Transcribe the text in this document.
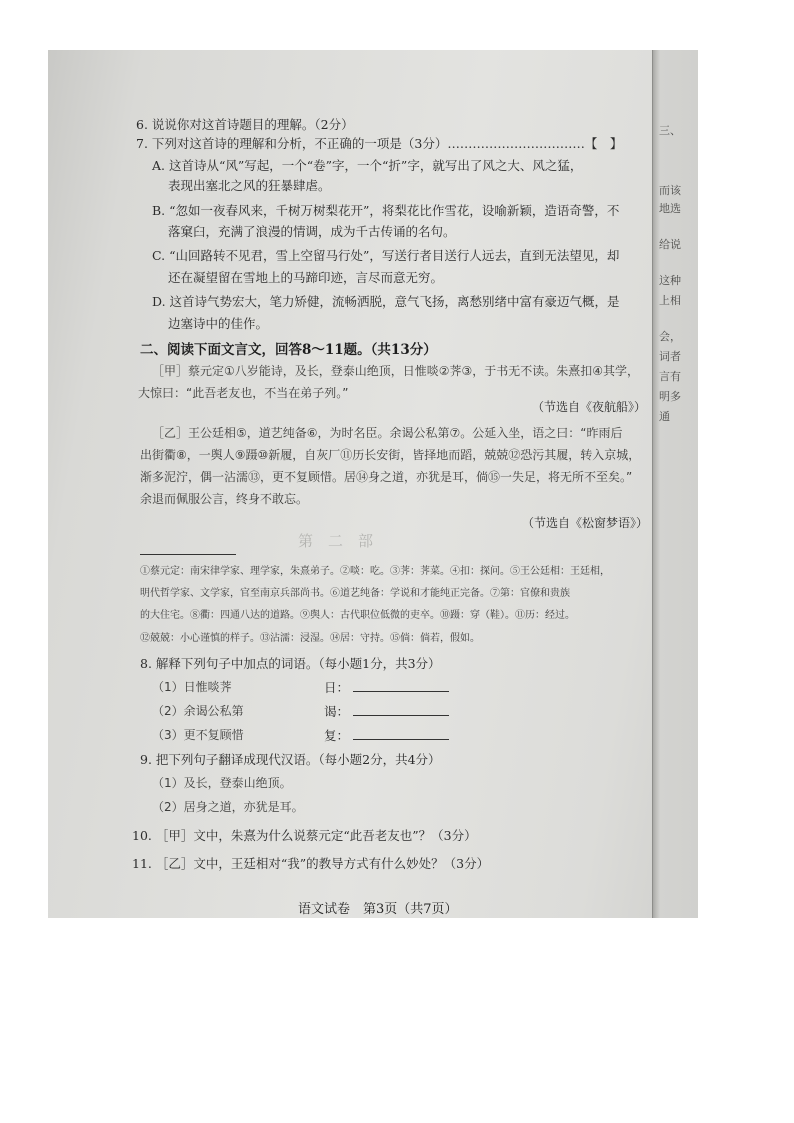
6. 说说你对这首诗题目的理解。（2分）
7. 下列对这首诗的理解和分析，不正确的一项是（3分）……………………………【　】
A. 这首诗从“风”写起，一个“卷”字，一个“折”字，就写出了风之大、风之猛，
表现出塞北之风的狂暴肆虐。
B. “忽如一夜春风来，千树万树梨花开”，将梨花比作雪花，设喻新颖，造语奇警，不
落窠臼，充满了浪漫的情调，成为千古传诵的名句。
C. “山回路转不见君，雪上空留马行处”，写送行者目送行人远去，直到无法望见，却
还在凝望留在雪地上的马蹄印迹，言尽而意无穷。
D. 这首诗气势宏大，笔力矫健，流畅洒脱，意气飞扬，离愁别绪中富有豪迈气概，是
边塞诗中的佳作。
二、阅读下面文言文，回答8～11题。（共13分）
［甲］蔡元定①八岁能诗，及长，登泰山绝顶，日惟啖②荠③，于书无不读。朱熹扣④其学，
大惊曰：“此吾老友也，不当在弟子列。”
（节选自《夜航船》）
［乙］王公廷相⑤，道艺纯备⑥，为时名臣。余谒公私第⑦。公延入坐，语之曰：“昨雨后
出街衢⑧，一舆人⑨蹑⑩新履，自灰厂⑪历长安街，皆择地而蹈，兢兢⑫恐污其履，转入京城，
渐多泥泞，偶一沾濡⑬，更不复顾惜。居⑭身之道，亦犹是耳，倘⑮一失足，将无所不至矣。”
余退而佩服公言，终身不敢忘。
（节选自《松窗梦语》）
第　二　部
①蔡元定：南宋律学家、理学家，朱熹弟子。②啖：吃。③荠：荠菜。④扣：探问。⑤王公廷相：王廷相，
明代哲学家、文学家，官至南京兵部尚书。⑥道艺纯备：学说和才能纯正完备。⑦第：官僚和贵族
的大住宅。⑧衢：四通八达的道路。⑨舆人：古代职位低微的吏卒。⑩蹑：穿（鞋）。⑪历：经过。
⑫兢兢：小心谨慎的样子。⑬沾濡：浸湿。⑭居：守持。⑮倘：倘若，假如。
8. 解释下列句子中加点的词语。（每小题1分，共3分）
（1）日惟啖荠	日：
（2）余谒公私第	谒：
（3）更不复顾惜	复：
9. 把下列句子翻译成现代汉语。（每小题2分，共4分）
（1）及长，登泰山绝顶。
（2）居身之道，亦犹是耳。
10. ［甲］文中，朱熹为什么说蔡元定“此吾老友也”？（3分）
11. ［乙］文中，王廷相对“我”的教导方式有什么妙处？（3分）
语文试卷　第3页（共7页）
三、
而该
地选
给说
这种
上相
会，
词者
言有
明多
通
